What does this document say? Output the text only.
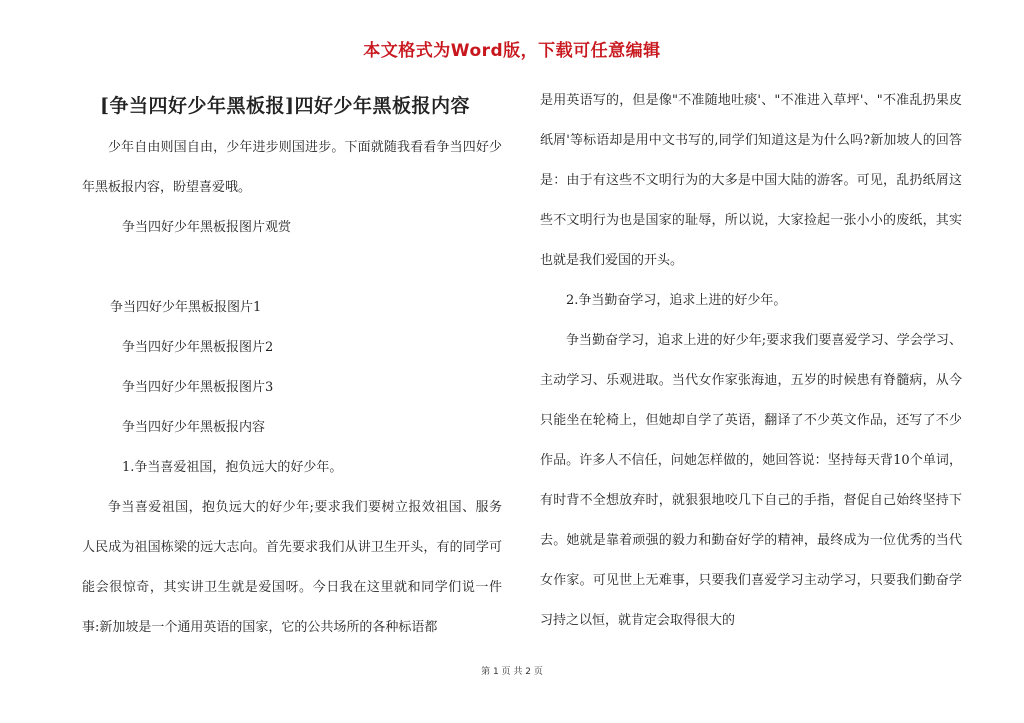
本文格式为Word版，下载可任意编辑
[争当四好少年黑板报]四好少年黑板报内容

少年自由则国自由，少年进步则国进步。下面就随我看看争当四好少年黑板报内容，盼望喜爱哦。

争当四好少年黑板报图片观赏

争当四好少年黑板报图片1

争当四好少年黑板报图片2

争当四好少年黑板报图片3

争当四好少年黑板报内容

1.争当喜爱祖国，抱负远大的好少年。

争当喜爱祖国，抱负远大的好少年;要求我们要树立报效祖国、服务人民成为祖国栋梁的远大志向。首先要求我们从讲卫生开头，有的同学可能会很惊奇，其实讲卫生就是爱国呀。今日我在这里就和同学们说一件事:新加坡是一个通用英语的国家，它的公共场所的各种标语都

是用英语写的，但是像"不准随地吐痰'、"不准进入草坪'、"不准乱扔果皮纸屑'等标语却是用中文书写的,同学们知道这是为什么吗?新加坡人的回答是：由于有这些不文明行为的大多是中国大陆的游客。可见，乱扔纸屑这些不文明行为也是国家的耻辱，所以说，大家捡起一张小小的废纸，其实也就是我们爱国的开头。

2.争当勤奋学习，追求上进的好少年。

争当勤奋学习，追求上进的好少年;要求我们要喜爱学习、学会学习、主动学习、乐观进取。当代女作家张海迪，五岁的时候患有脊髓病，从今只能坐在轮椅上，但她却自学了英语，翻译了不少英文作品，还写了不少作品。许多人不信任，问她怎样做的，她回答说：坚持每天背10个单词，有时背不全想放弃时，就狠狠地咬几下自己的手指，督促自己始终坚持下去。她就是靠着顽强的毅力和勤奋好学的精神，最终成为一位优秀的当代女作家。可见世上无难事，只要我们喜爱学习主动学习，只要我们勤奋学习持之以恒，就肯定会取得很大的

第 1 页 共 2 页
